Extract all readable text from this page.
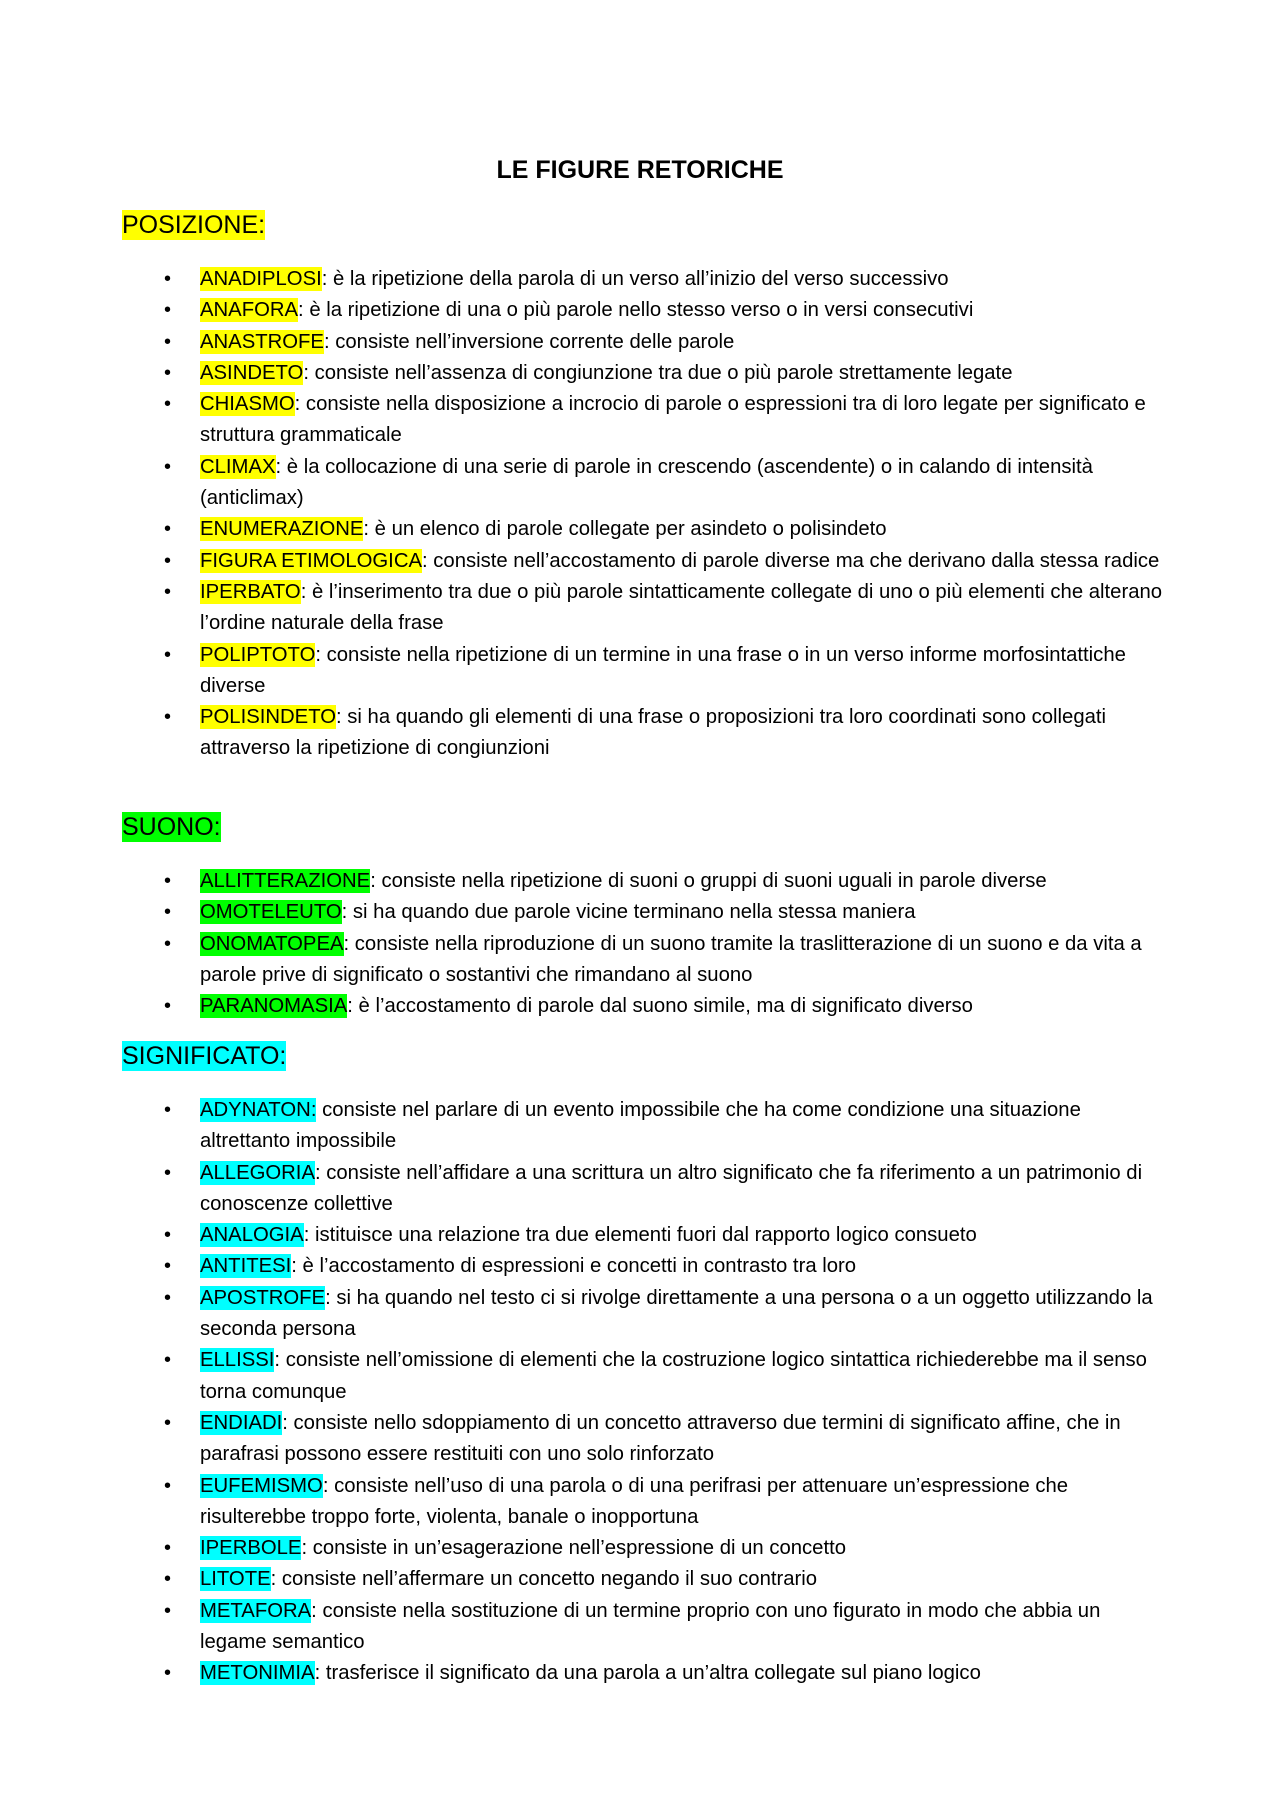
LE FIGURE RETORICHE
POSIZIONE:
• ANADIPLOSI: è la ripetizione della parola di un verso all’inizio del verso successivo
• ANAFORA: è la ripetizione di una o più parole nello stesso verso o in versi consecutivi
• ANASTROFE: consiste nell’inversione corrente delle parole
• ASINDETO: consiste nell’assenza di congiunzione tra due o più parole strettamente legate
• CHIASMO: consiste nella disposizione a incrocio di parole o espressioni tra di loro legate per significato e struttura grammaticale
• CLIMAX: è la collocazione di una serie di parole in crescendo (ascendente) o in calando di intensità (anticlimax)
• ENUMERAZIONE: è un elenco di parole collegate per asindeto o polisindeto
• FIGURA ETIMOLOGICA: consiste nell’accostamento di parole diverse ma che derivano dalla stessa radice
• IPERBATO: è l’inserimento tra due o più parole sintatticamente collegate di uno o più elementi che alterano l’ordine naturale della frase
• POLIPTOTO: consiste nella ripetizione di un termine in una frase o in un verso informe morfosintattiche diverse
• POLISINDETO: si ha quando gli elementi di una frase o proposizioni tra loro coordinati sono collegati attraverso la ripetizione di congiunzioni
SUONO:
• ALLITTERAZIONE: consiste nella ripetizione di suoni o gruppi di suoni uguali in parole diverse
• OMOTELEUTO: si ha quando due parole vicine terminano nella stessa maniera
• ONOMATOPEA: consiste nella riproduzione di un suono tramite la traslitterazione di un suono e da vita a parole prive di significato o sostantivi che rimandano al suono
• PARANOMASIA: è l’accostamento di parole dal suono simile, ma di significato diverso
SIGNIFICATO:
• ADYNATON: consiste nel parlare di un evento impossibile che ha come condizione una situazione altrettanto impossibile
• ALLEGORIA: consiste nell’affidare a una scrittura un altro significato che fa riferimento a un patrimonio di conoscenze collettive
• ANALOGIA: istituisce una relazione tra due elementi fuori dal rapporto logico consueto
• ANTITESI: è l’accostamento di espressioni e concetti in contrasto tra loro
• APOSTROFE: si ha quando nel testo ci si rivolge direttamente a una persona o a un oggetto utilizzando la seconda persona
• ELLISSI: consiste nell’omissione di elementi che la costruzione logico sintattica richiederebbe ma il senso torna comunque
• ENDIADI: consiste nello sdoppiamento di un concetto attraverso due termini di significato affine, che in parafrasi possono essere restituiti con uno solo rinforzato
• EUFEMISMO: consiste nell’uso di una parola o di una perifrasi per attenuare un’espressione che risulterebbe troppo forte, violenta, banale o inopportuna
• IPERBOLE: consiste in un’esagerazione nell’espressione di un concetto
• LITOTE: consiste nell’affermare un concetto negando il suo contrario
• METAFORA: consiste nella sostituzione di un termine proprio con uno figurato in modo che abbia un legame semantico
• METONIMIA: trasferisce il significato da una parola a un’altra collegate sul piano logico
